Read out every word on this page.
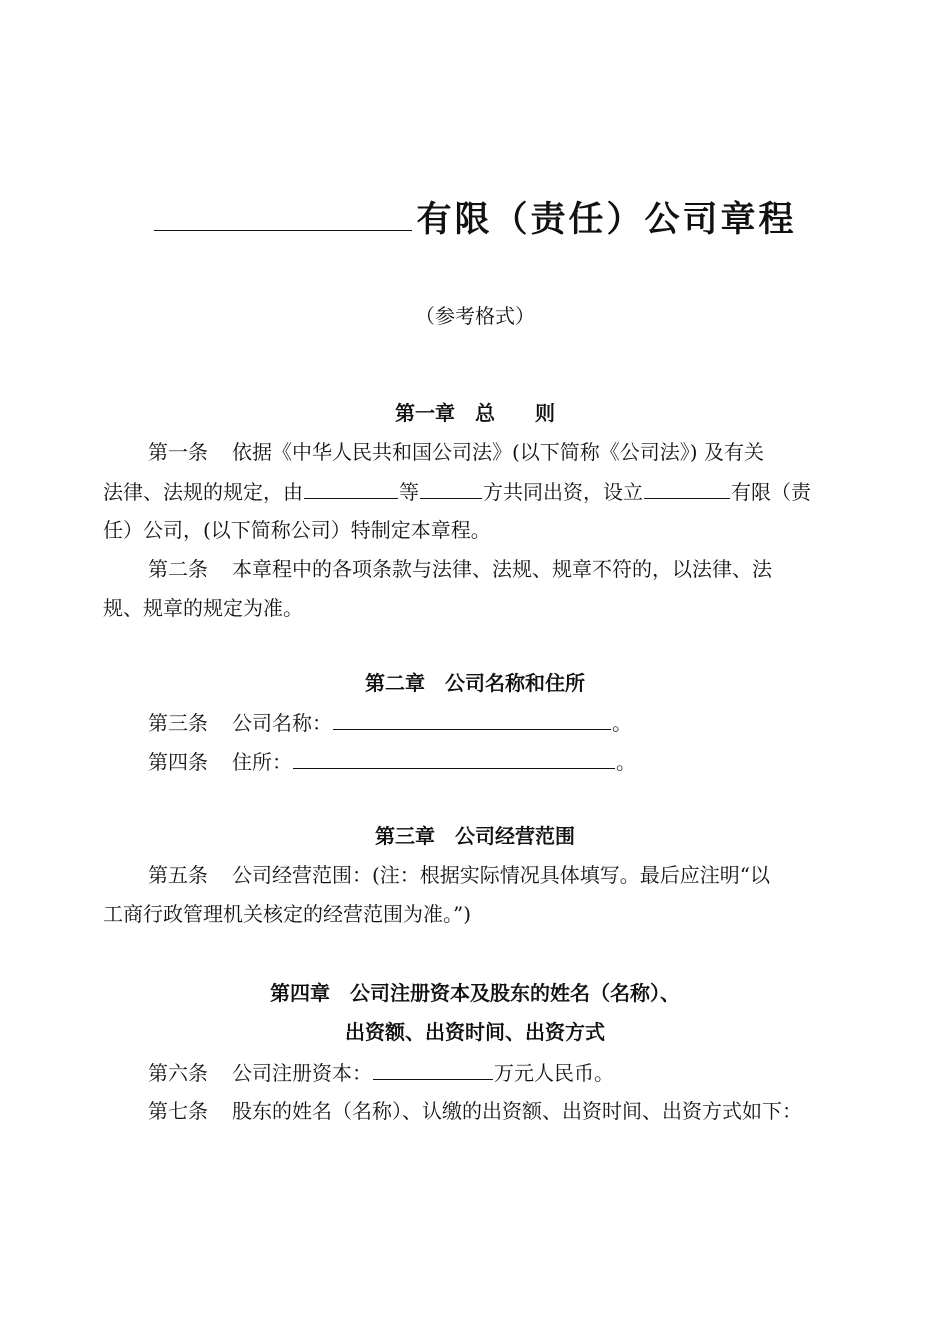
有限（责任）公司章程
（参考格式）
第一章　总　　则
第一条 依据《中华人民共和国公司法》(以下简称《公司法》) 及有关
法律、法规的规定，由	等	方共同出资，设立	有限（责
任）公司，(以下简称公司）特制定本章程。
第二条 本章程中的各项条款与法律、法规、规章不符的，以法律、法
规、规章的规定为准。
第二章　公司名称和住所
第三条 公司名称：	。
第四条 住所：	。
第三章　公司经营范围
第五条 公司经营范围：(注：根据实际情况具体填写。最后应注明“以
工商行政管理机关核定的经营范围为准。”)
第四章　公司注册资本及股东的姓名（名称）、
出资额、出资时间、出资方式
第六条 公司注册资本：	万元人民币。
第七条 股东的姓名（名称）、认缴的出资额、出资时间、出资方式如下：
